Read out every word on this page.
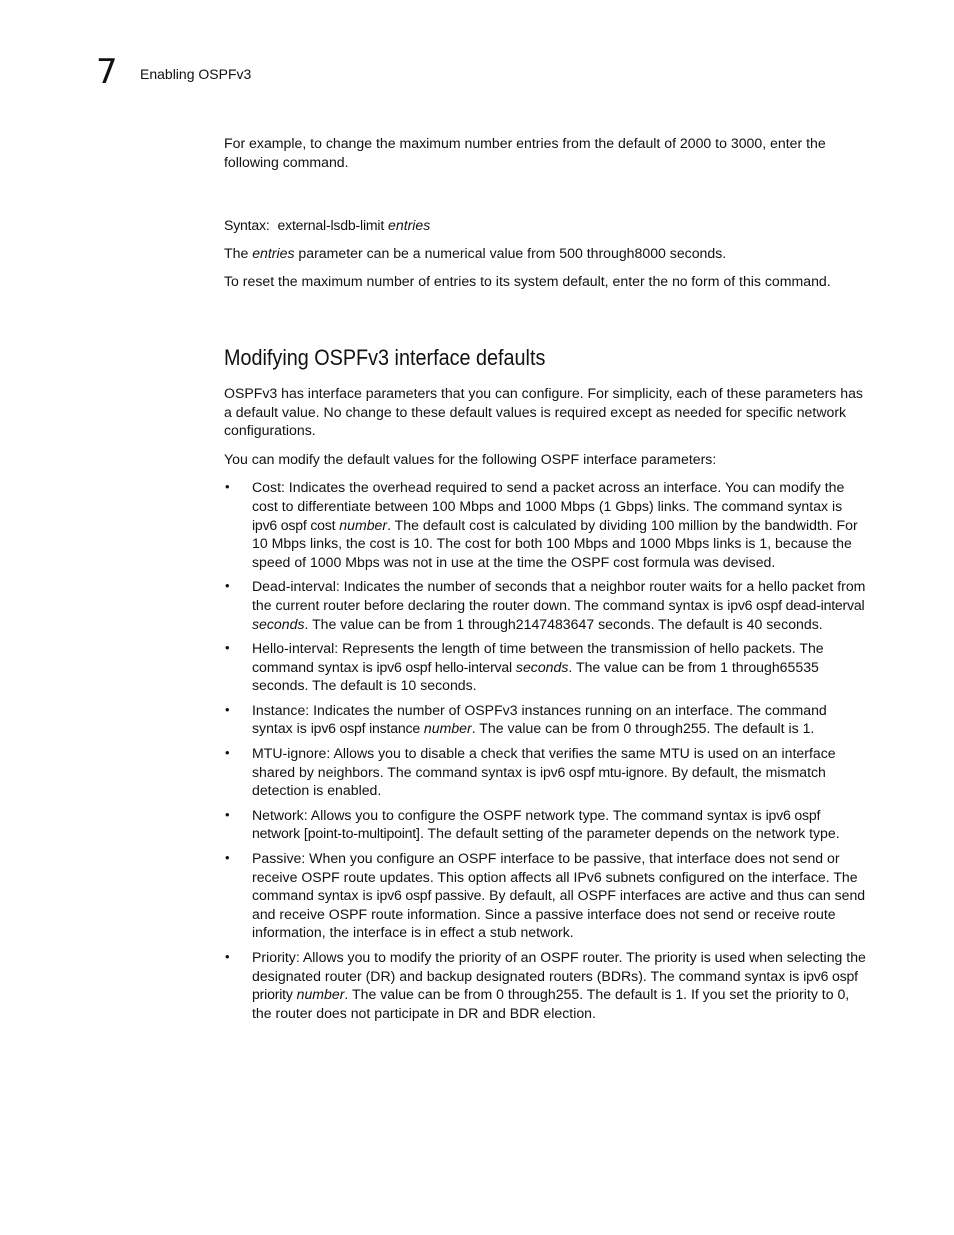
7 Enabling OSPFv3

For example, to change the maximum number entries from the default of 2000 to 3000, enter the following command.

Syntax: external-lsdb-limit entries

The entries parameter can be a numerical value from 500 through8000 seconds.

To reset the maximum number of entries to its system default, enter the no form of this command.

Modifying OSPFv3 interface defaults

OSPFv3 has interface parameters that you can configure. For simplicity, each of these parameters has a default value. No change to these default values is required except as needed for specific network configurations.

You can modify the default values for the following OSPF interface parameters:

• Cost: Indicates the overhead required to send a packet across an interface. You can modify the cost to differentiate between 100 Mbps and 1000 Mbps (1 Gbps) links. The command syntax is ipv6 ospf cost number. The default cost is calculated by dividing 100 million by the bandwidth. For 10 Mbps links, the cost is 10. The cost for both 100 Mbps and 1000 Mbps links is 1, because the speed of 1000 Mbps was not in use at the time the OSPF cost formula was devised.
• Dead-interval: Indicates the number of seconds that a neighbor router waits for a hello packet from the current router before declaring the router down. The command syntax is ipv6 ospf dead-interval seconds. The value can be from 1 through2147483647 seconds. The default is 40 seconds.
• Hello-interval: Represents the length of time between the transmission of hello packets. The command syntax is ipv6 ospf hello-interval seconds. The value can be from 1 through65535 seconds. The default is 10 seconds.
• Instance: Indicates the number of OSPFv3 instances running on an interface. The command syntax is ipv6 ospf instance number. The value can be from 0 through255. The default is 1.
• MTU-ignore: Allows you to disable a check that verifies the same MTU is used on an interface shared by neighbors. The command syntax is ipv6 ospf mtu-ignore. By default, the mismatch detection is enabled.
• Network: Allows you to configure the OSPF network type. The command syntax is ipv6 ospf network [point-to-multipoint]. The default setting of the parameter depends on the network type.
• Passive: When you configure an OSPF interface to be passive, that interface does not send or receive OSPF route updates. This option affects all IPv6 subnets configured on the interface. The command syntax is ipv6 ospf passive. By default, all OSPF interfaces are active and thus can send and receive OSPF route information. Since a passive interface does not send or receive route information, the interface is in effect a stub network.
• Priority: Allows you to modify the priority of an OSPF router. The priority is used when selecting the designated router (DR) and backup designated routers (BDRs). The command syntax is ipv6 ospf priority number. The value can be from 0 through255. The default is 1. If you set the priority to 0, the router does not participate in DR and BDR election.
